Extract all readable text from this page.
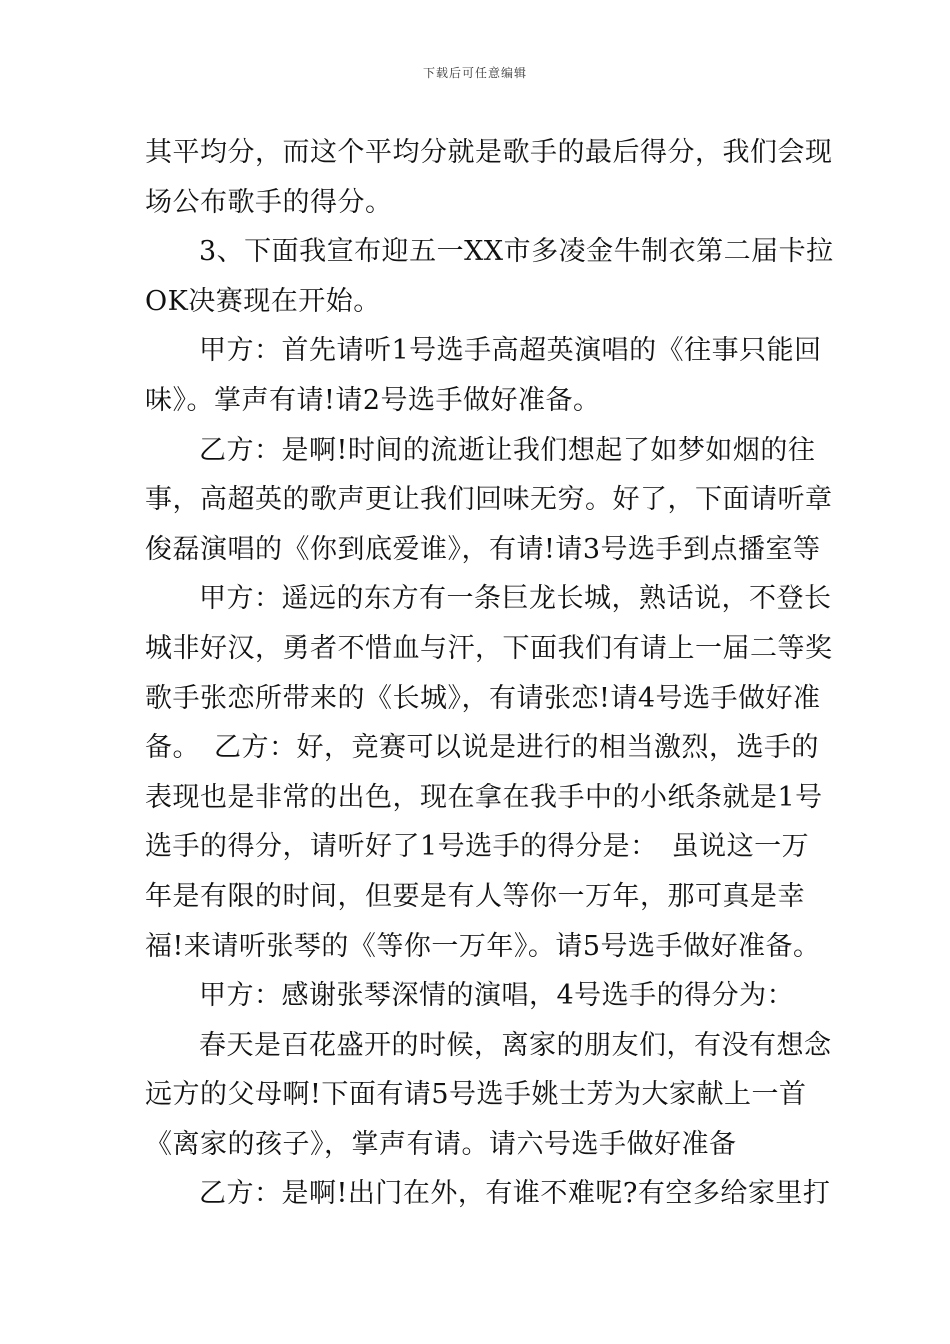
下载后可任意编辑

其平均分，而这个平均分就是歌手的最后得分，我们会现场公布歌手的得分。

3、下面我宣布迎五一XX市多凌金牛制衣第二届卡拉OK决赛现在开始。

甲方：首先请听1号选手高超英演唱的《往事只能回味》。掌声有请!请2号选手做好准备。

乙方：是啊!时间的流逝让我们想起了如梦如烟的往事，高超英的歌声更让我们回味无穷。好了，下面请听章俊磊演唱的《你到底爱谁》，有请!请3号选手到点播室等

甲方：遥远的东方有一条巨龙长城，熟话说，不登长城非好汉，勇者不惜血与汗，下面我们有请上一届二等奖歌手张恋所带来的《长城》，有请张恋!请4号选手做好准备。　乙方：好，竞赛可以说是进行的相当激烈，选手的表现也是非常的出色，现在拿在我手中的小纸条就是1号选手的得分，请听好了1号选手的得分是：　虽说这一万年是有限的时间，但要是有人等你一万年，那可真是幸福!来请听张琴的《等你一万年》。请5号选手做好准备。

甲方：感谢张琴深情的演唱，4号选手的得分为：

春天是百花盛开的时候，离家的朋友们，有没有想念远方的父母啊!下面有请5号选手姚士芳为大家献上一首《离家的孩子》，掌声有请。请六号选手做好准备

乙方：是啊!出门在外，有谁不难呢?有空多给家里打
